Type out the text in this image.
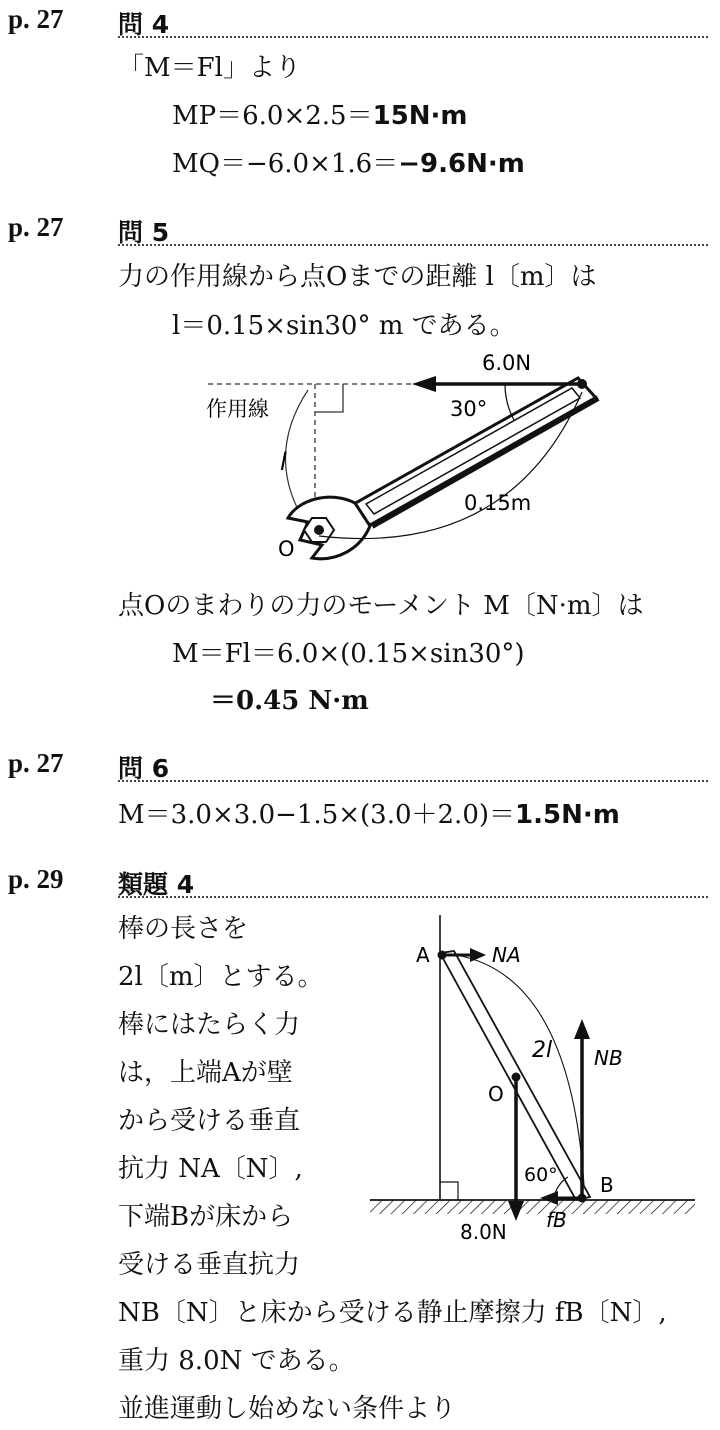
p. 27 問 4
「M＝Fl」より
MP＝6.0×2.5＝15N·m
MQ＝−6.0×1.6＝−9.6N·m
p. 27 問 5
力の作用線から点Oまでの距離 l〔m〕は
l＝0.15×sin30° m である。
作用線
l
O
6.0N
30°
0.15m
点Oのまわりの力のモーメント M〔N·m〕は
M＝Fl＝6.0×(0.15×sin30°)
＝0.45 N·m
p. 27 問 6
M＝3.0×3.0−1.5×(3.0＋2.0)＝1.5N·m
p. 29 類題 4
棒の長さを
2l〔m〕とする。
棒にはたらく力
は，上端Aが壁
から受ける垂直
抗力 NA〔N〕,
下端Bが床から
受ける垂直抗力
NB〔N〕と床から受ける静止摩擦力 fB〔N〕,
重力 8.0N である。
並進運動し始めない条件より
2l
A	NA
O
8.0N
B
NB
fB
60°
